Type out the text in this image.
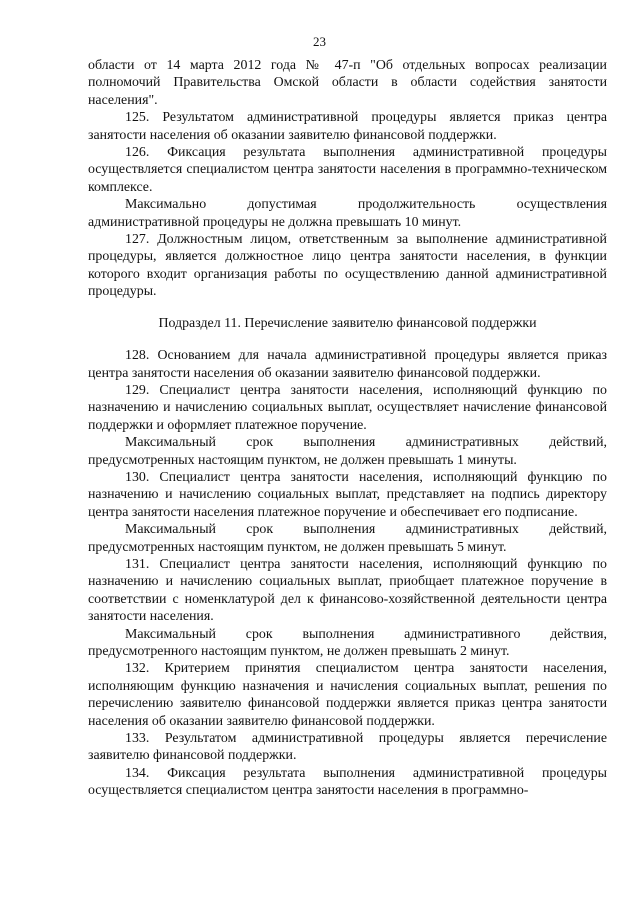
23

области от 14 марта 2012 года № 47-п "Об отдельных вопросах реализации полномочий Правительства Омской области в области содействия занятости населения".

125. Результатом административной процедуры является приказ центра занятости населения об оказании заявителю финансовой поддержки.

126. Фиксация результата выполнения административной процедуры осуществляется специалистом центра занятости населения в программно-техническом комплексе.

Максимально допустимая продолжительность осуществления административной процедуры не должна превышать 10 минут.

127. Должностным лицом, ответственным за выполнение административной процедуры, является должностное лицо центра занятости населения, в функции которого входит организация работы по осуществлению данной административной процедуры.

Подраздел 11. Перечисление заявителю финансовой поддержки

128. Основанием для начала административной процедуры является приказ центра занятости населения об оказании заявителю финансовой поддержки.

129. Специалист центра занятости населения, исполняющий функцию по назначению и начислению социальных выплат, осуществляет начисление финансовой поддержки и оформляет платежное поручение.

Максимальный срок выполнения административных действий, предусмотренных настоящим пунктом, не должен превышать 1 минуты.

130. Специалист центра занятости населения, исполняющий функцию по назначению и начислению социальных выплат, представляет на подпись директору центра занятости населения платежное поручение и обеспечивает его подписание.

Максимальный срок выполнения административных действий, предусмотренных настоящим пунктом, не должен превышать 5 минут.

131. Специалист центра занятости населения, исполняющий функцию по назначению и начислению социальных выплат, приобщает платежное поручение в соответствии с номенклатурой дел к финансово-хозяйственной деятельности центра занятости населения.

Максимальный срок выполнения административного действия, предусмотренного настоящим пунктом, не должен превышать 2 минут.

132. Критерием принятия специалистом центра занятости населения, исполняющим функцию назначения и начисления социальных выплат, решения по перечислению заявителю финансовой поддержки является приказ центра занятости населения об оказании заявителю финансовой поддержки.

133. Результатом административной процедуры является перечисление заявителю финансовой поддержки.

134. Фиксация результата выполнения административной процедуры осуществляется специалистом центра занятости населения в программно-
